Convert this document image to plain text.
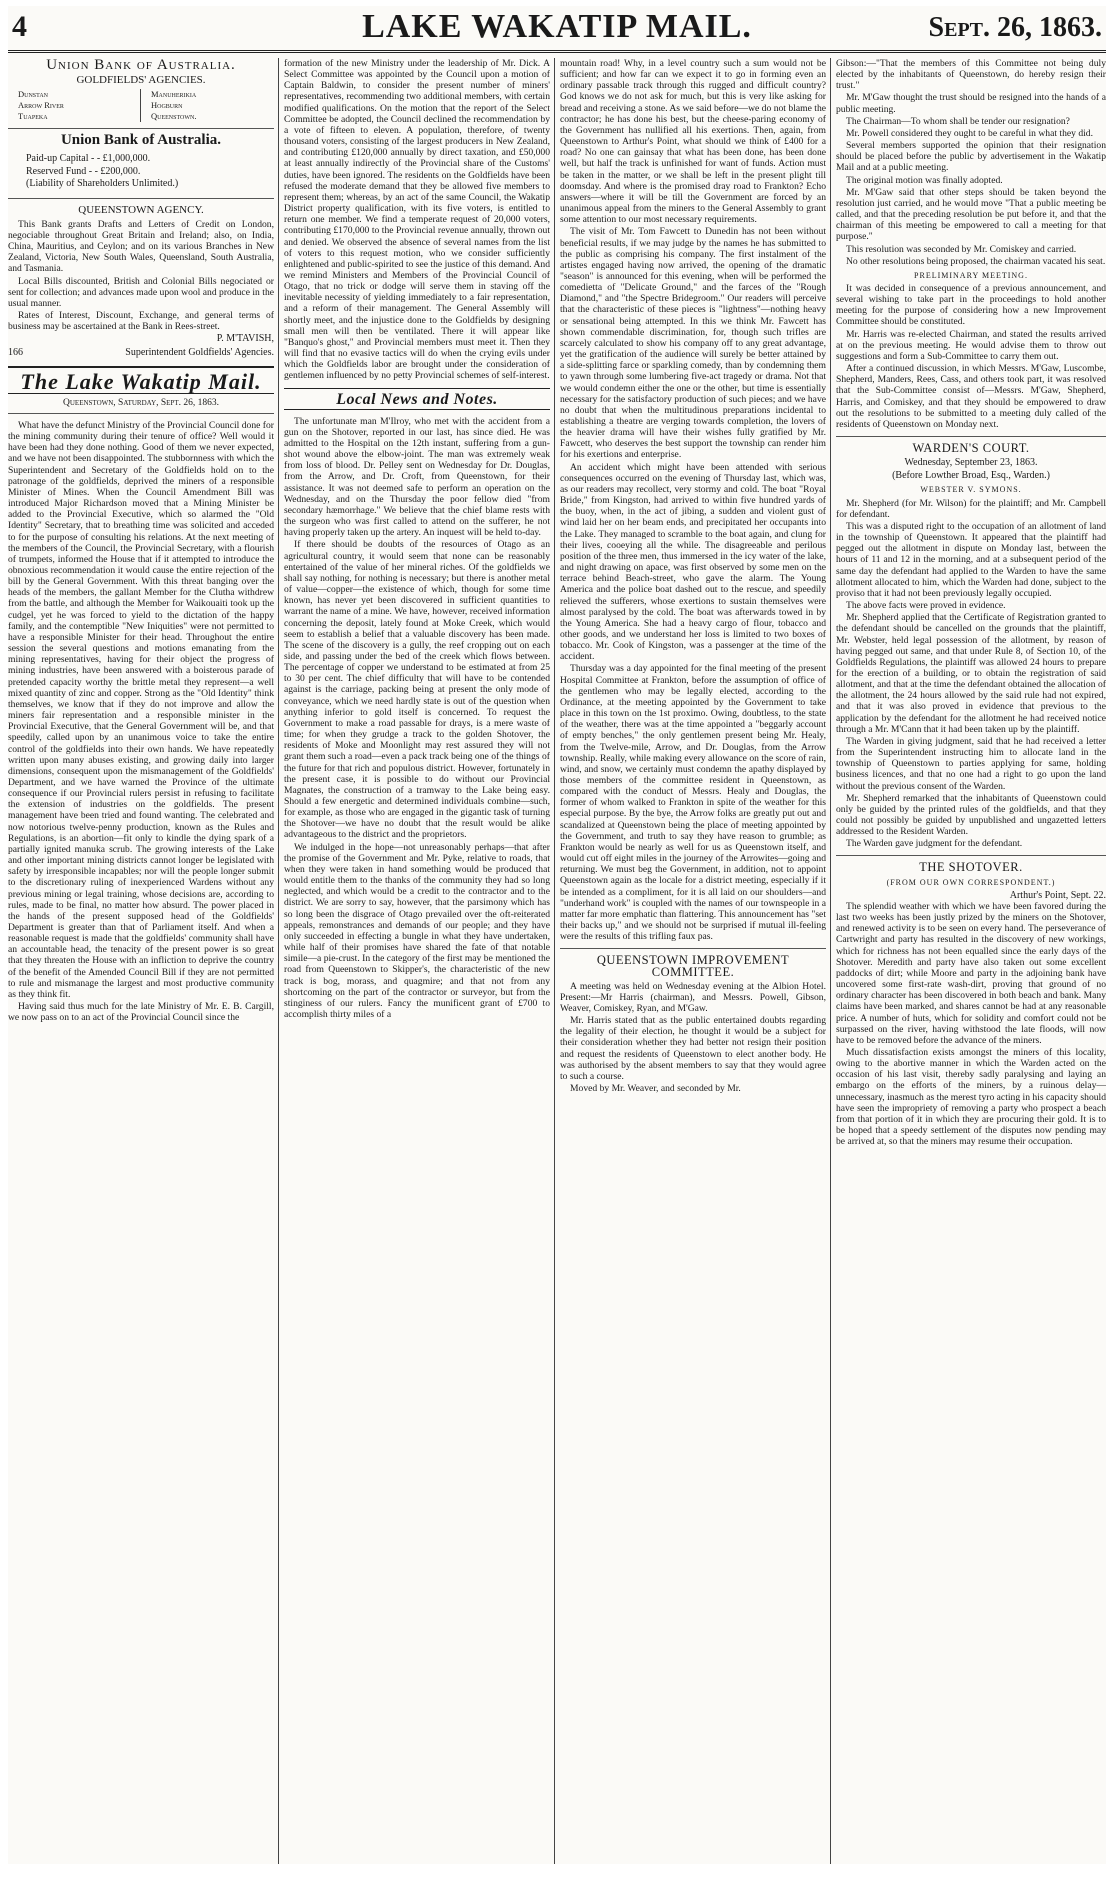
4	LAKE WAKATIP MAIL.	Sept. 26, 1863.
Union Bank of Australia.
GOLDFIELDS' AGENCIES.
Dunstan	Manuherikia
Arrow River	Hogburn
Tuapeka	Queenstown.
Union Bank of Australia.
Paid-up Capital - - £1,000,000.
Reserved Fund - - £200,000.
(Liability of Shareholders Unlimited.)
QUEENSTOWN AGENCY.

This Bank grants Drafts and Letters of Credit on London, negociable throughout Great Britain and Ireland; also, on India, China, Mauritius, and Ceylon; and on its various Branches in New Zealand, Victoria, New South Wales, Queensland, South Australia, and Tasmania.

Local Bills discounted, British and Colonial Bills negociated or sent for collection; and advances made upon wool and produce in the usual manner.

Rates of Interest, Discount, Exchange, and general terms of business may be ascertained at the Bank in Rees-street.

P. M'TAVISH,
166	Superintendent Goldfields' Agencies.
The Lake Wakatip Mail.
Queenstown, Saturday, Sept. 26, 1863.

What have the defunct Ministry of the Provincial Council done for the mining community during their tenure of office? Well would it have been had they done nothing. Good of them we never expected, and we have not been disappointed. The stubbornness with which the Superintendent and Secretary of the Goldfields hold on to the patronage of the goldfields, deprived the miners of a responsible Minister of Mines. When the Council Amendment Bill was introduced Major Richardson moved that a Mining Minister be added to the Provincial Executive, which so alarmed the "Old Identity" Secretary, that to breathing time was solicited and acceded to for the purpose of consulting his relations. At the next meeting of the members of the Council, the Provincial Secretary, with a flourish of trumpets, informed the House that if it attempted to introduce the obnoxious recommendation it would cause the entire rejection of the bill by the General Government. With this threat banging over the heads of the members, the gallant Member for the Clutha withdrew from the battle, and although the Member for Waikouaiti took up the cudgel, yet he was forced to yield to the dictation of the happy family, and the contemptible "New Iniquities" were not permitted to have a responsible Minister for their head. Throughout the entire session the several questions and motions emanating from the mining representatives, having for their object the progress of mining industries, have been answered with a boisterous parade of pretended capacity worthy the brittle metal they represent—a well mixed quantity of zinc and copper. Strong as the "Old Identity" think themselves, we know that if they do not improve and allow the miners fair representation and a responsible minister in the Provincial Executive, that the General Government will be, and that speedily, called upon by an unanimous voice to take the entire control of the goldfields into their own hands. We have repeatedly written upon many abuses existing, and growing daily into larger dimensions, consequent upon the mismanagement of the Goldfields' Department, and we have warned the Province of the ultimate consequence if our Provincial rulers persist in refusing to facilitate the extension of industries on the goldfields. The present management have been tried and found wanting. The celebrated and now notorious twelve-penny production, known as the Rules and Regulations, is an abortion—fit only to kindle the dying spark of a partially ignited manuka scrub. The growing interests of the Lake and other important mining districts cannot longer be legislated with safety by irresponsible incapables; nor will the people longer submit to the discretionary ruling of inexperienced Wardens without any previous mining or legal training, whose decisions are, according to rules, made to be final, no matter how absurd. The power placed in the hands of the present supposed head of the Goldfields' Department is greater than that of Parliament itself. And when a reasonable request is made that the goldfields' community shall have an accountable head, the tenacity of the present power is so great that they threaten the House with an infliction to deprive the country of the benefit of the Amended Council Bill if they are not permitted to rule and mismanage the largest and most productive community as they think fit.

Having said thus much for the late Ministry of Mr. E. B. Cargill, we now pass on to an act of the Provincial Council since the

formation of the new Ministry under the leadership of Mr. Dick. A Select Committee was appointed by the Council upon a motion of Captain Baldwin, to consider the present number of miners' representatives, recommending two additional members, with certain modified qualifications. On the motion that the report of the Select Committee be adopted, the Council declined the recommendation by a vote of fifteen to eleven. A population, therefore, of twenty thousand voters, consisting of the largest producers in New Zealand, and contributing £120,000 annually by direct taxation, and £50,000 at least annually indirectly of the Provincial share of the Customs' duties, have been ignored. The residents on the Goldfields have been refused the moderate demand that they be allowed five members to represent them; whereas, by an act of the same Council, the Wakatip District property qualification, with its five voters, is entitled to return one member. We find a temperate request of 20,000 voters, contributing £170,000 to the Provincial revenue annually, thrown out and denied. We observed the absence of several names from the list of voters to this request motion, who we consider sufficiently enlightened and public-spirited to see the justice of this demand. And we remind Ministers and Members of the Provincial Council of Otago, that no trick or dodge will serve them in staving off the inevitable necessity of yielding immediately to a fair representation, and a reform of their management. The General Assembly will shortly meet, and the injustice done to the Goldfields by designing small men will then be ventilated. There it will appear like "Banquo's ghost," and Provincial members must meet it. Then they will find that no evasive tactics will do when the crying evils under which the Goldfields labor are brought under the consideration of gentlemen influenced by no petty Provincial schemes of self-interest.

Local News and Notes.

The unfortunate man M'Ilroy, who met with the accident from a gun on the Shotover, reported in our last, has since died. He was admitted to the Hospital on the 12th instant, suffering from a gun-shot wound above the elbow-joint. The man was extremely weak from loss of blood. Dr. Pelley sent on Wednesday for Dr. Douglas, from the Arrow, and Dr. Croft, from Queenstown, for their assistance. It was not deemed safe to perform an operation on the Wednesday, and on the Thursday the poor fellow died "from secondary hæmorrhage." We believe that the chief blame rests with the surgeon who was first called to attend on the sufferer, he not having properly taken up the artery. An inquest will be held to-day.

If there should be doubts of the resources of Otago as an agricultural country, it would seem that none can be reasonably entertained of the value of her mineral riches. Of the goldfields we shall say nothing, for nothing is necessary; but there is another metal of value—copper—the existence of which, though for some time known, has never yet been discovered in sufficient quantities to warrant the name of a mine. We have, however, received information concerning the deposit, lately found at Moke Creek, which would seem to establish a belief that a valuable discovery has been made. The scene of the discovery is a gully, the reef cropping out on each side, and passing under the bed of the creek which flows between. The percentage of copper we understand to be estimated at from 25 to 30 per cent. The chief difficulty that will have to be contended against is the carriage, packing being at present the only mode of conveyance, which we need hardly state is out of the question when anything inferior to gold itself is concerned. To request the Government to make a road passable for drays, is a mere waste of time; for when they grudge a track to the golden Shotover, the residents of Moke and Moonlight may rest assured they will not grant them such a road—even a pack track being one of the things of the future for that rich and populous district. However, fortunately in the present case, it is possible to do without our Provincial Magnates, the construction of a tramway to the Lake being easy. Should a few energetic and determined individuals combine—such, for example, as those who are engaged in the gigantic task of turning the Shotover—we have no doubt that the result would be alike advantageous to the district and the proprietors.

We indulged in the hope—not unreasonably perhaps—that after the promise of the Government and Mr. Pyke, relative to roads, that when they were taken in hand something would be produced that would entitle them to the thanks of the community they had so long neglected, and which would be a credit to the contractor and to the district. We are sorry to say, however, that the parsimony which has so long been the disgrace of Otago prevailed over the oft-reiterated appeals, remonstrances and demands of our people; and they have only succeeded in effecting a bungle in what they have undertaken, while half of their promises have shared the fate of that notable simile—a pie-crust. In the category of the first may be mentioned the road from Queenstown to Skipper's, the characteristic of the new track is bog, morass, and quagmire; and that not from any shortcoming on the part of the contractor or surveyor, but from the stinginess of our rulers. Fancy the munificent grant of £700 to accomplish thirty miles of a

mountain road! Why, in a level country such a sum would not be sufficient; and how far can we expect it to go in forming even an ordinary passable track through this rugged and difficult country? God knows we do not ask for much, but this is very like asking for bread and receiving a stone. As we said before—we do not blame the contractor; he has done his best, but the cheese-paring economy of the Government has nullified all his exertions. Then, again, from Queenstown to Arthur's Point, what should we think of £400 for a road? No one can gainsay that what has been done, has been done well, but half the track is unfinished for want of funds. Action must be taken in the matter, or we shall be left in the present plight till doomsday. And where is the promised dray road to Frankton? Echo answers—where it will be till the Government are forced by an unanimous appeal from the miners to the General Assembly to grant some attention to our most necessary requirements.

The visit of Mr. Tom Fawcett to Dunedin has not been without beneficial results, if we may judge by the names he has submitted to the public as comprising his company. The first instalment of the artistes engaged having now arrived, the opening of the dramatic "season" is announced for this evening, when will be performed the comedietta of "Delicate Ground," and the farces of the "Rough Diamond," and "the Spectre Bridegroom." Our readers will perceive that the characteristic of these pieces is "lightness"—nothing heavy or sensational being attempted. In this we think Mr. Fawcett has shown commendable discrimination, for, though such trifles are scarcely calculated to show his company off to any great advantage, yet the gratification of the audience will surely be better attained by a side-splitting farce or sparkling comedy, than by condemning them to yawn through some lumbering five-act tragedy or drama. Not that we would condemn either the one or the other, but time is essentially necessary for the satisfactory production of such pieces; and we have no doubt that when the multitudinous preparations incidental to establishing a theatre are verging towards completion, the lovers of the heavier drama will have their wishes fully gratified by Mr. Fawcett, who deserves the best support the township can render him for his exertions and enterprise.

An accident which might have been attended with serious consequences occurred on the evening of Thursday last, which was, as our readers may recollect, very stormy and cold. The boat "Royal Bride," from Kingston, had arrived to within five hundred yards of the buoy, when, in the act of jibing, a sudden and violent gust of wind laid her on her beam ends, and precipitated her occupants into the Lake. They managed to scramble to the boat again, and clung for their lives, cooeying all the while. The disagreeable and perilous position of the three men, thus immersed in the icy water of the lake, and night drawing on apace, was first observed by some men on the terrace behind Beach-street, who gave the alarm. The Young America and the police boat dashed out to the rescue, and speedily relieved the sufferers, whose exertions to sustain themselves were almost paralysed by the cold. The boat was afterwards towed in by the Young America. She had a heavy cargo of flour, tobacco and other goods, and we understand her loss is limited to two boxes of tobacco. Mr. Cook of Kingston, was a passenger at the time of the accident.

Thursday was a day appointed for the final meeting of the present Hospital Committee at Frankton, before the assumption of office of the gentlemen who may be legally elected, according to the Ordinance, at the meeting appointed by the Government to take place in this town on the 1st proximo. Owing, doubtless, to the state of the weather, there was at the time appointed a "beggarly account of empty benches," the only gentlemen present being Mr. Healy, from the Twelve-mile, Arrow, and Dr. Douglas, from the Arrow township. Really, while making every allowance on the score of rain, wind, and snow, we certainly must condemn the apathy displayed by those members of the committee resident in Queenstown, as compared with the conduct of Messrs. Healy and Douglas, the former of whom walked to Frankton in spite of the weather for this especial purpose. By the bye, the Arrow folks are greatly put out and scandalized at Queenstown being the place of meeting appointed by the Government, and truth to say they have reason to grumble; as Frankton would be nearly as well for us as Queenstown itself, and would cut off eight miles in the journey of the Arrowites—going and returning. We must beg the Government, in addition, not to appoint Queenstown again as the locale for a district meeting, especially if it be intended as a compliment, for it is all laid on our shoulders—and "underhand work" is coupled with the names of our townspeople in a matter far more emphatic than flattering. This announcement has "set their backs up," and we should not be surprised if mutual ill-feeling were the results of this trifling faux pas.

QUEENSTOWN IMPROVEMENT COMMITTEE.

A meeting was held on Wednesday evening at the Albion Hotel. Present:—Mr Harris (chairman), and Messrs. Powell, Gibson, Weaver, Comiskey, Ryan, and M'Gaw.

Mr. Harris stated that as the public entertained doubts regarding the legality of their election, he thought it would be a subject for their consideration whether they had better not resign their position and request the residents of Queenstown to elect another body. He was authorised by the absent members to say that they would agree to such a course.

Moved by Mr. Weaver, and seconded by Mr.

Gibson:—"That the members of this Committee not being duly elected by the inhabitants of Queenstown, do hereby resign their trust."

Mr. M'Gaw thought the trust should be resigned into the hands of a public meeting.

The Chairman—To whom shall be tender our resignation?

Mr. Powell considered they ought to be careful in what they did.

Several members supported the opinion that their resignation should be placed before the public by advertisement in the Wakatip Mail and at a public meeting.

The original motion was finally adopted.

Mr. M'Gaw said that other steps should be taken beyond the resolution just carried, and he would move "That a public meeting be called, and that the preceding resolution be put before it, and that the chairman of this meeting be empowered to call a meeting for that purpose."

This resolution was seconded by Mr. Comiskey and carried.

No other resolutions being proposed, the chairman vacated his seat.

PRELIMINARY MEETING.

It was decided in consequence of a previous announcement, and several wishing to take part in the proceedings to hold another meeting for the purpose of considering how a new Improvement Committee should be constituted.

Mr. Harris was re-elected Chairman, and stated the results arrived at on the previous meeting. He would advise them to throw out suggestions and form a Sub-Committee to carry them out.

After a continued discussion, in which Messrs. M'Gaw, Luscombe, Shepherd, Manders, Rees, Cass, and others took part, it was resolved that the Sub-Committee consist of—Messrs. M'Gaw, Shepherd, Harris, and Comiskey, and that they should be empowered to draw out the resolutions to be submitted to a meeting duly called of the residents of Queenstown on Monday next.

WARDEN'S COURT.
Wednesday, September 23, 1863.
(Before Lowther Broad, Esq., Warden.)
WEBSTER V. SYMONS.

Mr. Shepherd (for Mr. Wilson) for the plaintiff; and Mr. Campbell for defendant.

This was a disputed right to the occupation of an allotment of land in the township of Queenstown. It appeared that the plaintiff had pegged out the allotment in dispute on Monday last, between the hours of 11 and 12 in the morning, and at a subsequent period of the same day the defendant had applied to the Warden to have the same allotment allocated to him, which the Warden had done, subject to the proviso that it had not been previously legally occupied.

The above facts were proved in evidence.

Mr. Shepherd applied that the Certificate of Registration granted to the defendant should be cancelled on the grounds that the plaintiff, Mr. Webster, held legal possession of the allotment, by reason of having pegged out same, and that under Rule 8, of Section 10, of the Goldfields Regulations, the plaintiff was allowed 24 hours to prepare for the erection of a building, or to obtain the registration of said allotment, and that at the time the defendant obtained the allocation of the allotment, the 24 hours allowed by the said rule had not expired, and that it was also proved in evidence that previous to the application by the defendant for the allotment he had received notice through a Mr. M'Cann that it had been taken up by the plaintiff.

The Warden in giving judgment, said that he had received a letter from the Superintendent instructing him to allocate land in the township of Queenstown to parties applying for same, holding business licences, and that no one had a right to go upon the land without the previous consent of the Warden.

Mr. Shepherd remarked that the inhabitants of Queenstown could only be guided by the printed rules of the goldfields, and that they could not possibly be guided by unpublished and ungazetted letters addressed to the Resident Warden.

The Warden gave judgment for the defendant.

THE SHOTOVER.
(FROM OUR OWN CORRESPONDENT.)
Arthur's Point, Sept. 22.

The splendid weather with which we have been favored during the last two weeks has been justly prized by the miners on the Shotover, and renewed activity is to be seen on every hand. The perseverance of Cartwright and party has resulted in the discovery of new workings, which for richness has not been equalled since the early days of the Shotover. Meredith and party have also taken out some excellent paddocks of dirt; while Moore and party in the adjoining bank have uncovered some first-rate wash-dirt, proving that ground of no ordinary character has been discovered in both beach and bank. Many claims have been marked, and shares cannot be had at any reasonable price. A number of huts, which for solidity and comfort could not be surpassed on the river, having withstood the late floods, will now have to be removed before the advance of the miners.

Much dissatisfaction exists amongst the miners of this locality, owing to the abortive manner in which the Warden acted on the occasion of his last visit, thereby sadly paralysing and laying an embargo on the efforts of the miners, by a ruinous delay—unnecessary, inasmuch as the merest tyro acting in his capacity should have seen the impropriety of removing a party who prospect a beach from that portion of it in which they are procuring their gold. It is to be hoped that a speedy settlement of the disputes now pending may be arrived at, so that the miners may resume their occupation.
